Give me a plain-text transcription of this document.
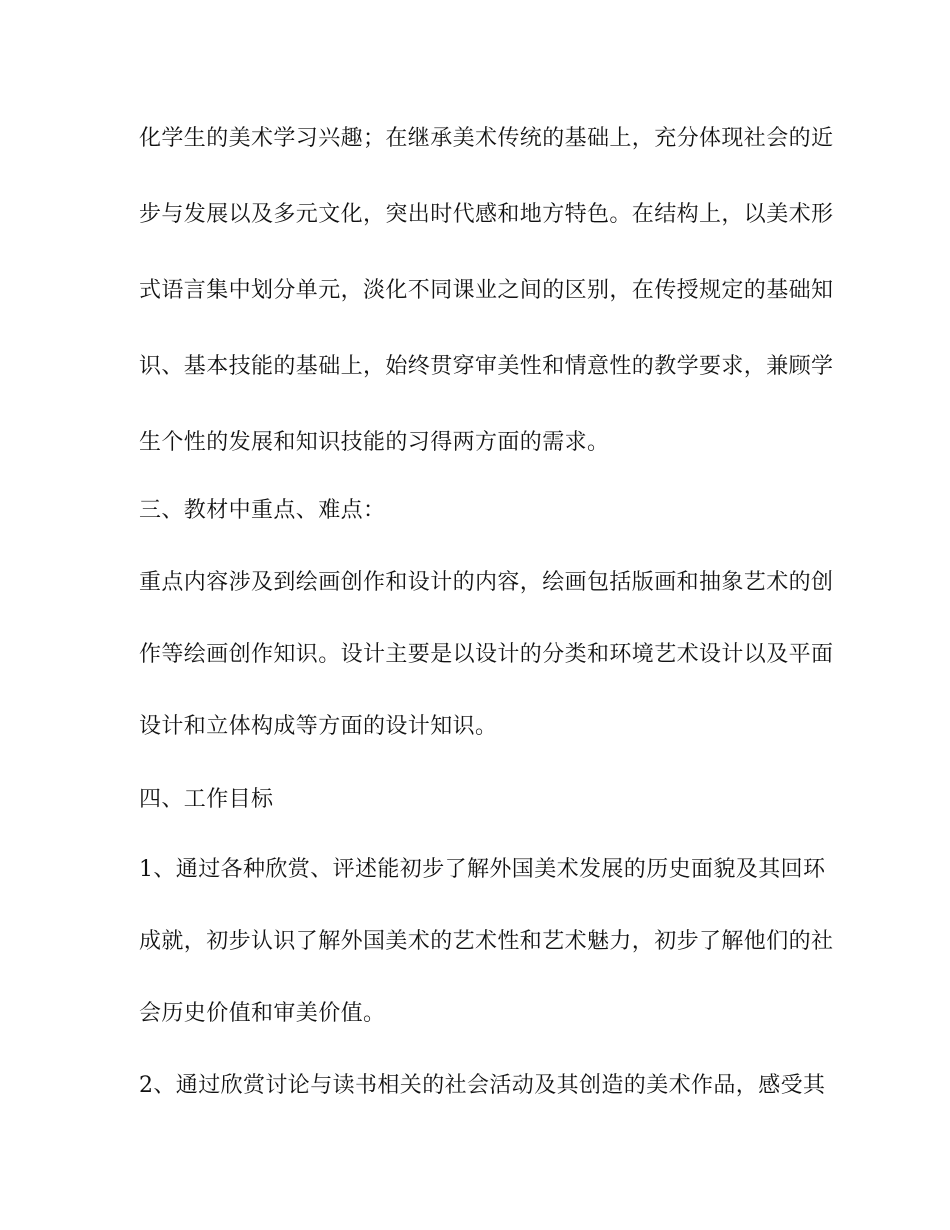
化学生的美术学习兴趣；在继承美术传统的基础上，充分体现社会的近
步与发展以及多元文化，突出时代感和地方特色。在结构上，以美术形
式语言集中划分单元，淡化不同课业之间的区别，在传授规定的基础知
识、基本技能的基础上，始终贯穿审美性和情意性的教学要求，兼顾学
生个性的发展和知识技能的习得两方面的需求。
三、教材中重点、难点：
重点内容涉及到绘画创作和设计的内容，绘画包括版画和抽象艺术的创
作等绘画创作知识。设计主要是以设计的分类和环境艺术设计以及平面
设计和立体构成等方面的设计知识。
四、工作目标
1、通过各种欣赏、评述能初步了解外国美术发展的历史面貌及其回环
成就，初步认识了解外国美术的艺术性和艺术魅力，初步了解他们的社
会历史价值和审美价值。
2、通过欣赏讨论与读书相关的社会活动及其创造的美术作品，感受其
